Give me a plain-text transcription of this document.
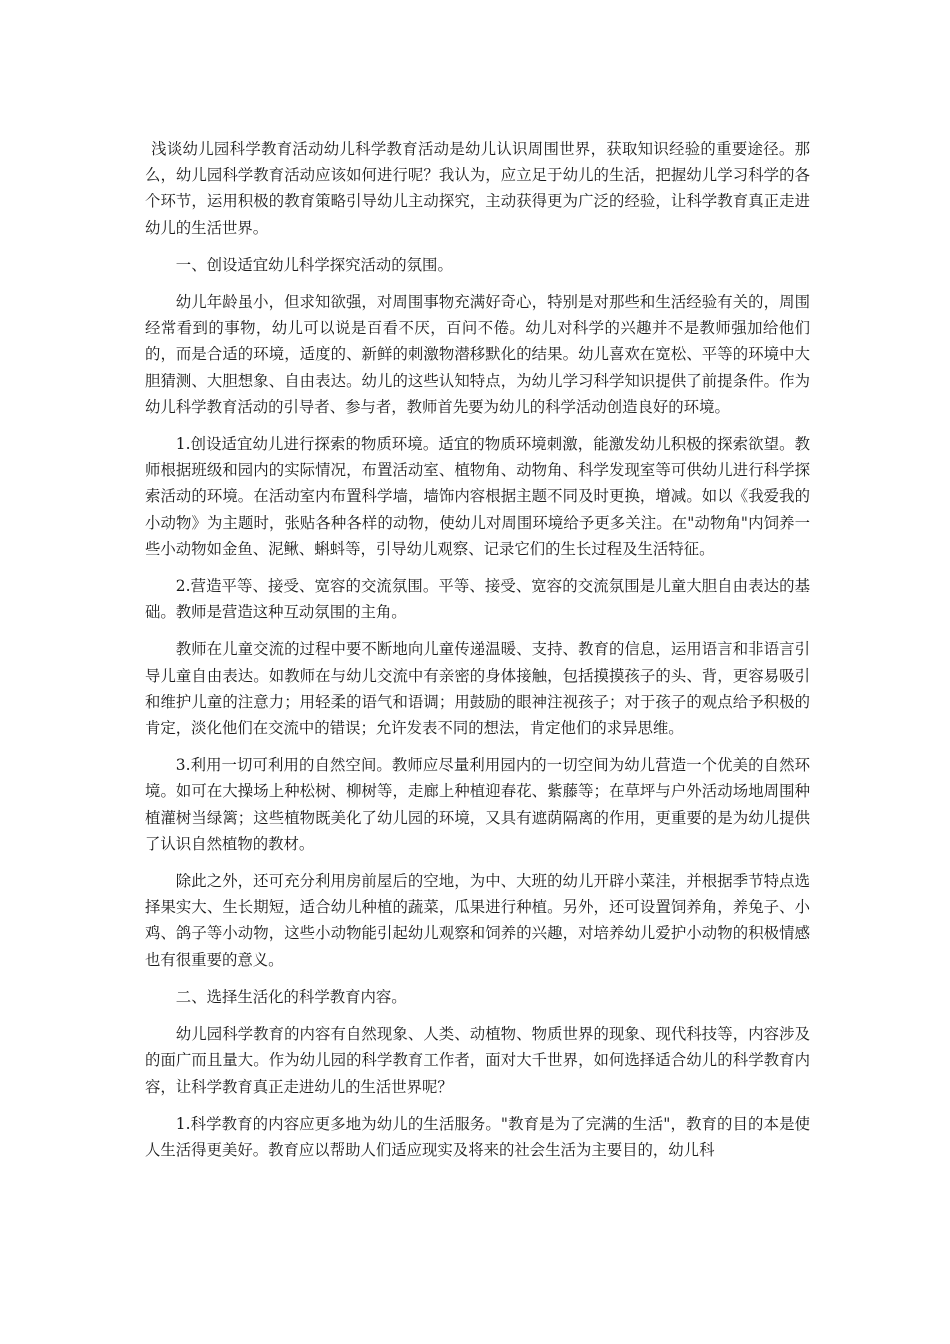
浅谈幼儿园科学教育活动幼儿科学教育活动是幼儿认识周围世界，获取知识经验的重要途径。那么，幼儿园科学教育活动应该如何进行呢？我认为，应立足于幼儿的生活，把握幼儿学习科学的各个环节，运用积极的教育策略引导幼儿主动探究，主动获得更为广泛的经验，让科学教育真正走进幼儿的生活世界。

一、创设适宜幼儿科学探究活动的氛围。

幼儿年龄虽小，但求知欲强，对周围事物充满好奇心，特别是对那些和生活经验有关的，周围经常看到的事物，幼儿可以说是百看不厌，百问不倦。幼儿对科学的兴趣并不是教师强加给他们的，而是合适的环境，适度的、新鲜的刺激物潜移默化的结果。幼儿喜欢在宽松、平等的环境中大胆猜测、大胆想象、自由表达。幼儿的这些认知特点，为幼儿学习科学知识提供了前提条件。作为幼儿科学教育活动的引导者、参与者，教师首先要为幼儿的科学活动创造良好的环境。

1.创设适宜幼儿进行探索的物质环境。适宜的物质环境刺激，能激发幼儿积极的探索欲望。教师根据班级和园内的实际情况，布置活动室、植物角、动物角、科学发现室等可供幼儿进行科学探索活动的环境。在活动室内布置科学墙，墙饰内容根据主题不同及时更换，增减。如以《我爱我的小动物》为主题时，张贴各种各样的动物，使幼儿对周围环境给予更多关注。在"动物角"内饲养一些小动物如金鱼、泥鳅、蝌蚪等，引导幼儿观察、记录它们的生长过程及生活特征。

2.营造平等、接受、宽容的交流氛围。平等、接受、宽容的交流氛围是儿童大胆自由表达的基础。教师是营造这种互动氛围的主角。

教师在儿童交流的过程中要不断地向儿童传递温暖、支持、教育的信息，运用语言和非语言引导儿童自由表达。如教师在与幼儿交流中有亲密的身体接触，包括摸摸孩子的头、背，更容易吸引和维护儿童的注意力；用轻柔的语气和语调；用鼓励的眼神注视孩子；对于孩子的观点给予积极的肯定，淡化他们在交流中的错误；允许发表不同的想法，肯定他们的求异思维。

3.利用一切可利用的自然空间。教师应尽量利用园内的一切空间为幼儿营造一个优美的自然环境。如可在大操场上种松树、柳树等，走廊上种植迎春花、紫藤等；在草坪与户外活动场地周围种植灌树当绿篱；这些植物既美化了幼儿园的环境，又具有遮荫隔离的作用，更重要的是为幼儿提供了认识自然植物的教材。

除此之外，还可充分利用房前屋后的空地，为中、大班的幼儿开辟小菜洼，并根据季节特点选择果实大、生长期短，适合幼儿种植的蔬菜，瓜果进行种植。另外，还可设置饲养角，养兔子、小鸡、鸽子等小动物，这些小动物能引起幼儿观察和饲养的兴趣，对培养幼儿爱护小动物的积极情感也有很重要的意义。

二、选择生活化的科学教育内容。

幼儿园科学教育的内容有自然现象、人类、动植物、物质世界的现象、现代科技等，内容涉及的面广而且量大。作为幼儿园的科学教育工作者，面对大千世界，如何选择适合幼儿的科学教育内容，让科学教育真正走进幼儿的生活世界呢？

1.科学教育的内容应更多地为幼儿的生活服务。"教育是为了完满的生活"，教育的目的本是使人生活得更美好。教育应以帮助人们适应现实及将来的社会生活为主要目的，幼儿科
